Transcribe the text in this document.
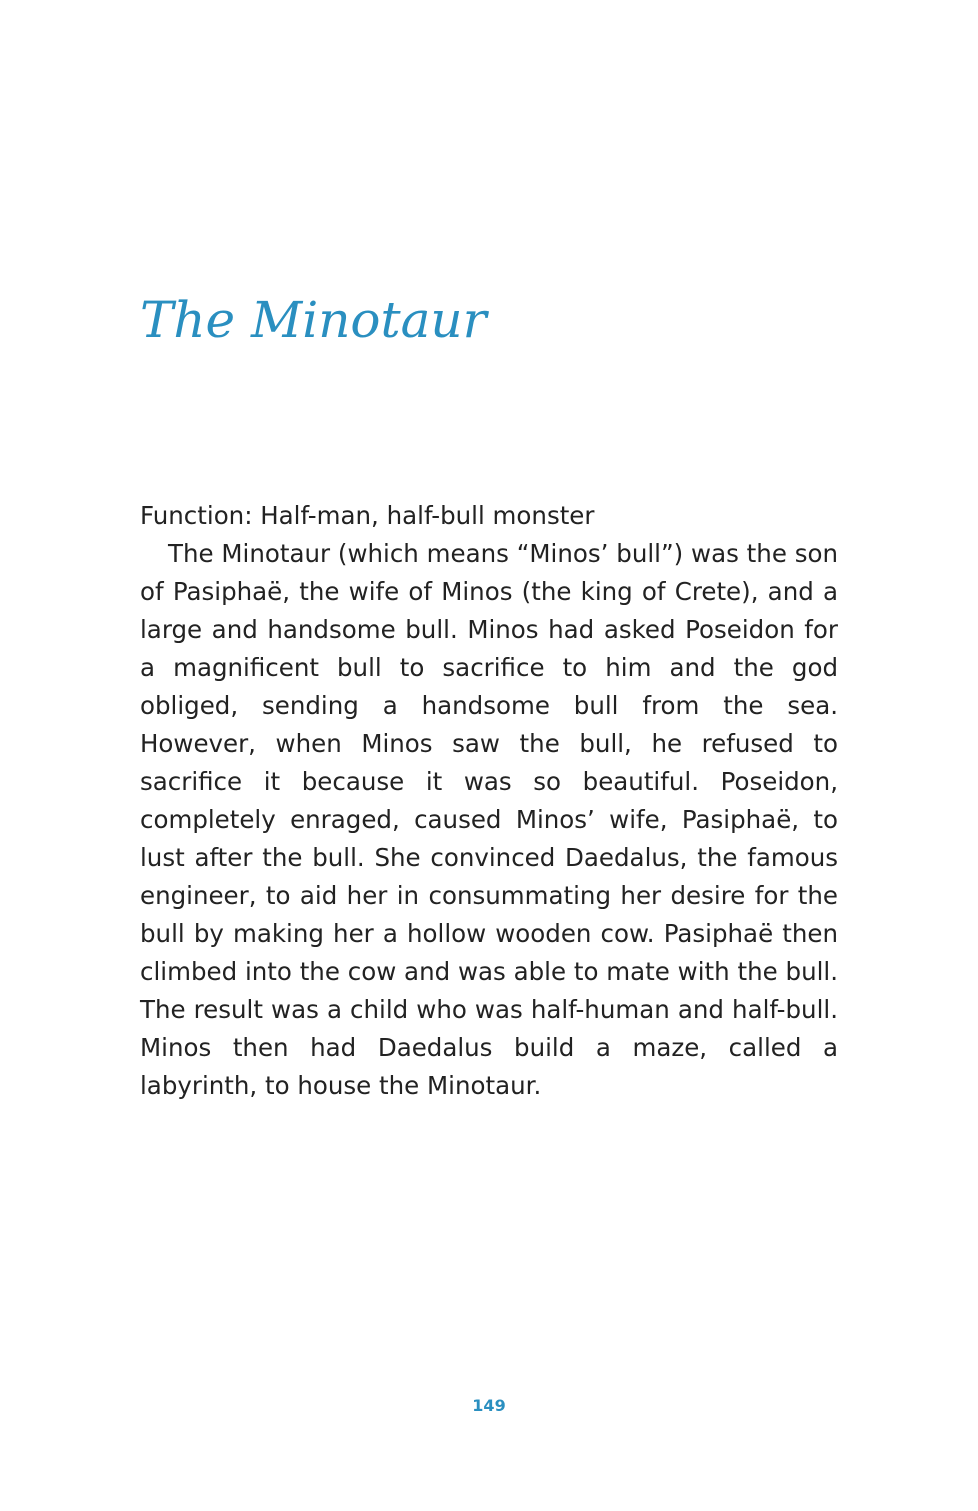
The Minotaur

Function: Half-man, half-bull monster

The Minotaur (which means “Minos’ bull”) was the son of Pasiphaë, the wife of Minos (the king of Crete), and a large and handsome bull. Minos had asked Poseidon for a magnificent bull to sacrifice to him and the god obliged, sending a handsome bull from the sea. However, when Minos saw the bull, he refused to sacrifice it because it was so beautiful. Poseidon, completely enraged, caused Minos’ wife, Pasiphaë, to lust after the bull. She convinced Daedalus, the famous engineer, to aid her in consummating her desire for the bull by making her a hollow wooden cow. Pasiphaë then climbed into the cow and was able to mate with the bull. The result was a child who was half-human and half-bull. Minos then had Daedalus build a maze, called a labyrinth, to house the Minotaur.

149
